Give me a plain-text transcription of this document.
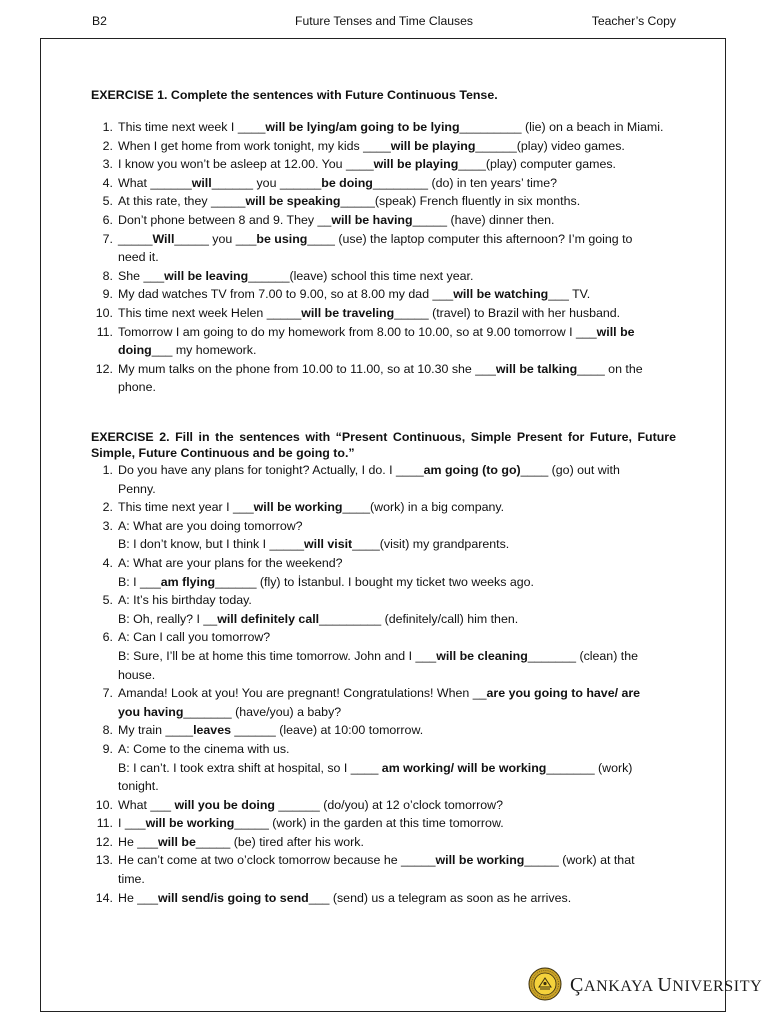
B2	Future Tenses and Time Clauses	Teacher’s Copy
EXERCISE 1. Complete the sentences with Future Continuous Tense.
1. This time next week I ____will be lying/am going to be lying_________ (lie) on a beach in Miami.
2. When I get home from work tonight, my kids ____will be playing______(play) video games.
3. I know you won’t be asleep at 12.00. You ____will be playing____(play) computer games.
4. What ______will______ you ______be doing________ (do) in ten years’ time?
5. At this rate, they _____will be speaking_____(speak) French fluently in six months.
6. Don’t phone between 8 and 9. They __will be having_____ (have) dinner then.
7. _____Will_____ you ___be using____ (use) the laptop computer this afternoon? I’m going to
need it.
8. She ___will be leaving______(leave) school this time next year.
9. My dad watches TV from 7.00 to 9.00, so at 8.00 my dad ___will be watching___ TV.
10. This time next week Helen _____will be traveling_____ (travel) to Brazil with her husband.
11. Tomorrow I am going to do my homework from 8.00 to 10.00, so at 9.00 tomorrow I ___will be
doing___ my homework.
12. My mum talks on the phone from 10.00 to 11.00, so at 10.30 she ___will be talking____ on the
phone.
EXERCISE 2. Fill in the sentences with “Present Continuous, Simple Present for Future, Future Simple, Future Continuous and be going to.”
1. Do you have any plans for tonight? Actually, I do. I ____am going (to go)____ (go) out with
Penny.
2. This time next year I ___will be working____(work) in a big company.
3. A: What are you doing tomorrow?
B: I don’t know, but I think I _____will visit____(visit) my grandparents.
4. A: What are your plans for the weekend?
B: I ___am flying______ (fly) to İstanbul. I bought my ticket two weeks ago.
5. A: It’s his birthday today.
B: Oh, really? I __will definitely call_________ (definitely/call) him then.
6. A: Can I call you tomorrow?
B: Sure, I’ll be at home this time tomorrow. John and I ___will be cleaning_______ (clean) the
house.
7. Amanda! Look at you! You are pregnant! Congratulations! When __are you going to have/ are
you having_______ (have/you) a baby?
8. My train ____leaves ______ (leave) at 10:00 tomorrow.
9. A: Come to the cinema with us.
B: I can’t. I took extra shift at hospital, so I ____ am working/ will be working_______ (work)
tonight.
10. What ___ will you be doing ______ (do/you) at 12 o’clock tomorrow?
11. I ___will be working_____ (work) in the garden at this time tomorrow.
12. He ___will be_____ (be) tired after his work.
13. He can’t come at two o’clock tomorrow because he _____will be working_____ (work) at that
time.
14. He ___will send/is going to send___ (send) us a telegram as soon as he arrives.
ÇANKAYA UNIVERSITY
